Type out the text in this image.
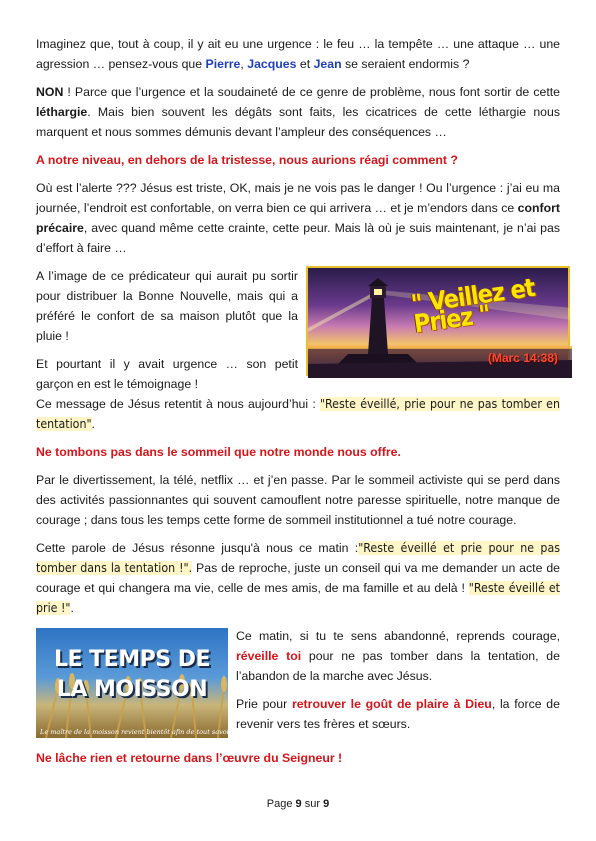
Imaginez que, tout à coup, il y ait eu une urgence : le feu … la tempête … une attaque … une agression … pensez-vous que Pierre, Jacques et Jean se seraient endormis ?

NON ! Parce que l’urgence et la soudaineté de ce genre de problème, nous font sortir de cette léthargie. Mais bien souvent les dégâts sont faits, les cicatrices de cette léthargie nous marquent et nous sommes démunis devant l’ampleur des conséquences …

A notre niveau, en dehors de la tristesse, nous aurions réagi comment ?

Où est l’alerte ??? Jésus est triste, OK, mais je ne vois pas le danger ! Ou l’urgence : j’ai eu ma journée, l’endroit est confortable, on verra bien ce qui arrivera … et je m’endors dans ce confort précaire, avec quand même cette crainte, cette peur. Mais là où je suis maintenant, je n’ai pas d’effort à faire …

A l’image de ce prédicateur qui aurait pu sortir pour distribuer la Bonne Nouvelle, mais qui a préféré le confort de sa maison plutôt que la pluie !

Et pourtant il y avait urgence … son petit garçon en est le témoignage !

" Veillez et Priez "
(Marc 14:38)

Ce message de Jésus retentit à nous aujourd’hui : "Reste éveillé, prie pour ne pas tomber en tentation".

Ne tombons pas dans le sommeil que notre monde nous offre.

Par le divertissement, la télé, netflix … et j’en passe. Par le sommeil activiste qui se perd dans des activités passionnantes qui souvent camouflent notre paresse spirituelle, notre manque de courage ; dans tous les temps cette forme de sommeil institutionnel a tué notre courage.

Cette parole de Jésus résonne jusqu'à nous ce matin :"Reste éveillé et prie pour ne pas tomber dans la tentation !". Pas de reproche, juste un conseil qui va me demander un acte de courage et qui changera ma vie, celle de mes amis, de ma famille et au delà ! "Reste éveillé et prie !".

LE TEMPS DE
LA MOISSON
Le maître de la moisson revient bientôt afin de tout savoir de...

Ce matin, si tu te sens abandonné, reprends courage, réveille toi pour ne pas tomber dans la tentation, de l’abandon de la marche avec Jésus.

Prie pour retrouver le goût de plaire à Dieu, la force de revenir vers tes frères et sœurs.

Ne lâche rien et retourne dans l’œuvre du Seigneur !

Page 9 sur 9
